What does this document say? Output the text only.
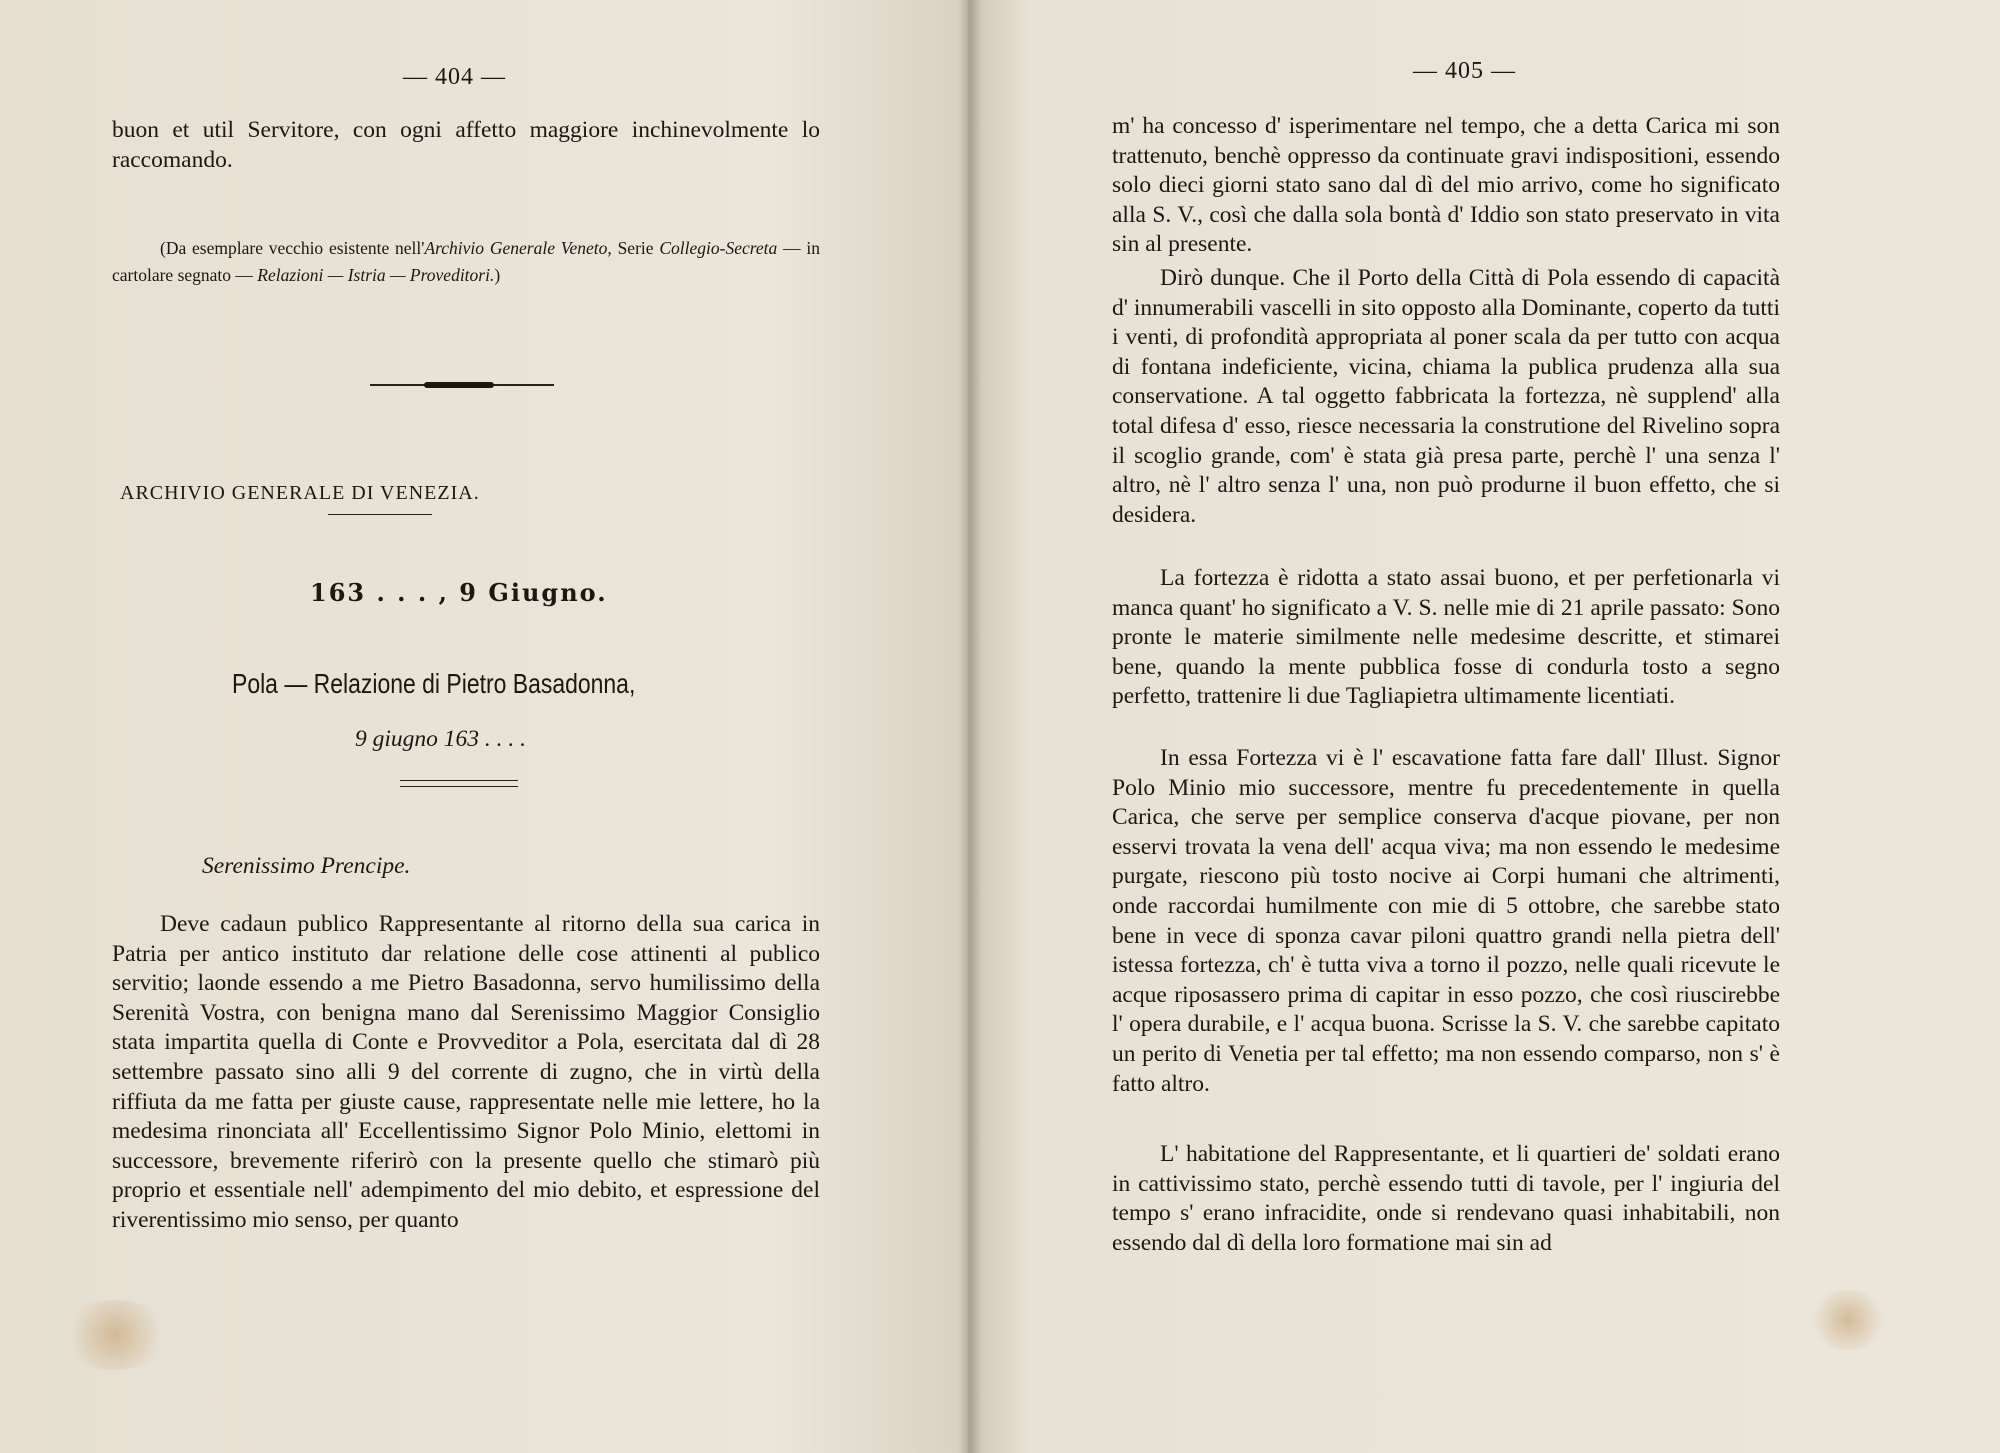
— 404 —

buon et util Servitore, con ogni affetto maggiore inchinevolmente lo raccomando.

(Da esemplare vecchio esistente nell'Archivio Generale Veneto, Serie Collegio-Secreta — in cartolare segnato — Relazioni — Istria — Proveditori.)

ARCHIVIO GENERALE DI VENEZIA.
163 . . . , 9 Giugno.
Pola — Relazione di Pietro Basadonna,
9 giugno 163 . . . .
Serenissimo Prencipe.

Deve cadaun publico Rappresentante al ritorno della sua carica in Patria per antico instituto dar relatione delle cose attinenti al publico servitio; laonde essendo a me Pietro Basadonna, servo humilissimo della Serenità Vostra, con benigna mano dal Serenissimo Maggior Consiglio stata impartita quella di Conte e Provveditor a Pola, esercitata dal dì 28 settembre passato sino alli 9 del corrente di zugno, che in virtù della riffiuta da me fatta per giuste cause, rappresentate nelle mie lettere, ho la medesima rinonciata all' Eccellentissimo Signor Polo Minio, elettomi in successore, brevemente riferirò con la presente quello che stimarò più proprio et essentiale nell' adempimento del mio debito, et espressione del riverentissimo mio senso, per quanto

— 405 —

m' ha concesso d' isperimentare nel tempo, che a detta Carica mi son trattenuto, benchè oppresso da continuate gravi indispositioni, essendo solo dieci giorni stato sano dal dì del mio arrivo, come ho significato alla S. V., così che dalla sola bontà d' Iddio son stato preservato in vita sin al presente.

Dirò dunque. Che il Porto della Città di Pola essendo di capacità d' innumerabili vascelli in sito opposto alla Dominante, coperto da tutti i venti, di profondità appropriata al poner scala da per tutto con acqua di fontana indeficiente, vicina, chiama la publica prudenza alla sua conservatione. A tal oggetto fabbricata la fortezza, nè supplend' alla total difesa d' esso, riesce necessaria la construtione del Rivelino sopra il scoglio grande, com' è stata già presa parte, perchè l' una senza l' altro, nè l' altro senza l' una, non può produrne il buon effetto, che si desidera.

La fortezza è ridotta a stato assai buono, et per perfetionarla vi manca quant' ho significato a V. S. nelle mie di 21 aprile passato: Sono pronte le materie similmente nelle medesime descritte, et stimarei bene, quando la mente pubblica fosse di condurla tosto a segno perfetto, trattenire li due Tagliapietra ultimamente licentiati.

In essa Fortezza vi è l' escavatione fatta fare dall' Illust. Signor Polo Minio mio successore, mentre fu precedentemente in quella Carica, che serve per semplice conserva d'acque piovane, per non esservi trovata la vena dell' acqua viva; ma non essendo le medesime purgate, riescono più tosto nocive ai Corpi humani che altrimenti, onde raccordai humilmente con mie di 5 ottobre, che sarebbe stato bene in vece di sponza cavar piloni quattro grandi nella pietra dell' istessa fortezza, ch' è tutta viva a torno il pozzo, nelle quali ricevute le acque riposassero prima di capitar in esso pozzo, che così riuscirebbe l' opera durabile, e l' acqua buona. Scrisse la S. V. che sarebbe capitato un perito di Venetia per tal effetto; ma non essendo comparso, non s' è fatto altro.

L' habitatione del Rappresentante, et li quartieri de' soldati erano in cattivissimo stato, perchè essendo tutti di tavole, per l' ingiuria del tempo s' erano infracidite, onde si rendevano quasi inhabitabili, non essendo dal dì della loro formatione mai sin ad
